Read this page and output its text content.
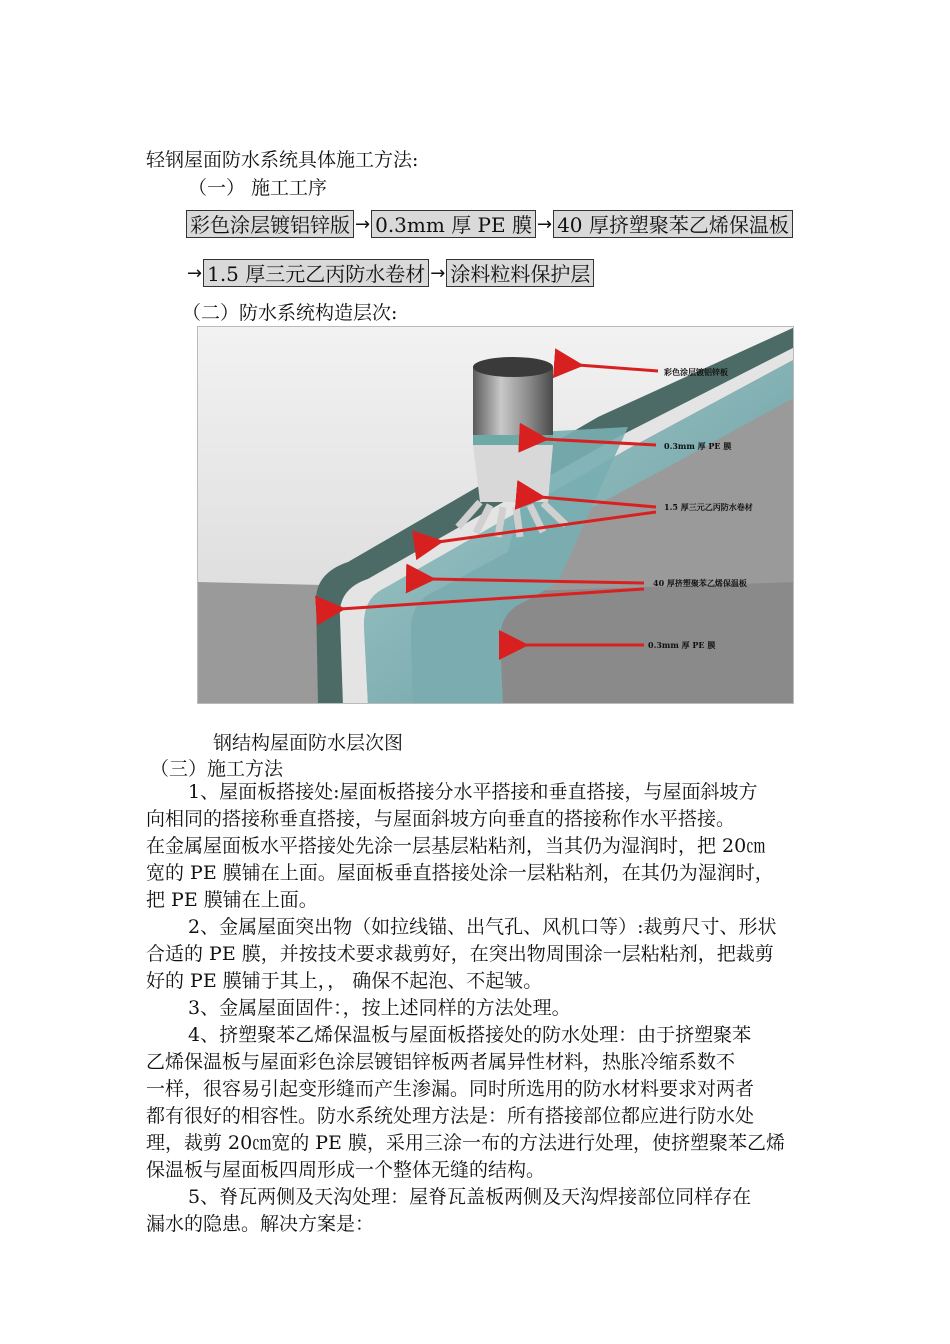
轻钢屋面防水系统具体施工方法:
（一） 施工工序
彩色涂层镀铝锌版 → 0.3mm 厚 PE 膜 → 40 厚挤塑聚苯乙烯保温板
→ 1.5 厚三元乙丙防水卷材 → 涂料粒料保护层
（二）防水系统构造层次:
彩色涂层镀铝锌板
0.3mm 厚 PE 膜
1.5 厚三元乙丙防水卷材
40 厚挤塑聚苯乙烯保温板
0.3mm 厚 PE 膜
钢结构屋面防水层次图
（三）施工方法
1、屋面板搭接处:屋面板搭接分水平搭接和垂直搭接，与屋面斜坡方
向相同的搭接称垂直搭接，与屋面斜坡方向垂直的搭接称作水平搭接。
在金属屋面板水平搭接处先涂一层基层粘粘剂，当其仍为湿润时，把 20㎝
宽的 PE 膜铺在上面。屋面板垂直搭接处涂一层粘粘剂，在其仍为湿润时，
把 PE 膜铺在上面。
2、金属屋面突出物（如拉线锚、出气孔、风机口等）:裁剪尺寸、形状
合适的 PE 膜，并按技术要求裁剪好，在突出物周围涂一层粘粘剂，把裁剪
好的 PE 膜铺于其上，， 确保不起泡、不起皱。
3、金属屋面固件：，按上述同样的方法处理。
4、挤塑聚苯乙烯保温板与屋面板搭接处的防水处理：由于挤塑聚苯
乙烯保温板与屋面彩色涂层镀铝锌板两者属异性材料，热胀冷缩系数不
一样，很容易引起变形缝而产生渗漏。同时所选用的防水材料要求对两者
都有很好的相容性。防水系统处理方法是：所有搭接部位都应进行防水处
理，裁剪 20㎝宽的 PE 膜，采用三涂一布的方法进行处理，使挤塑聚苯乙烯
保温板与屋面板四周形成一个整体无缝的结构。
5、脊瓦两侧及天沟处理：屋脊瓦盖板两侧及天沟焊接部位同样存在
漏水的隐患。解决方案是：
